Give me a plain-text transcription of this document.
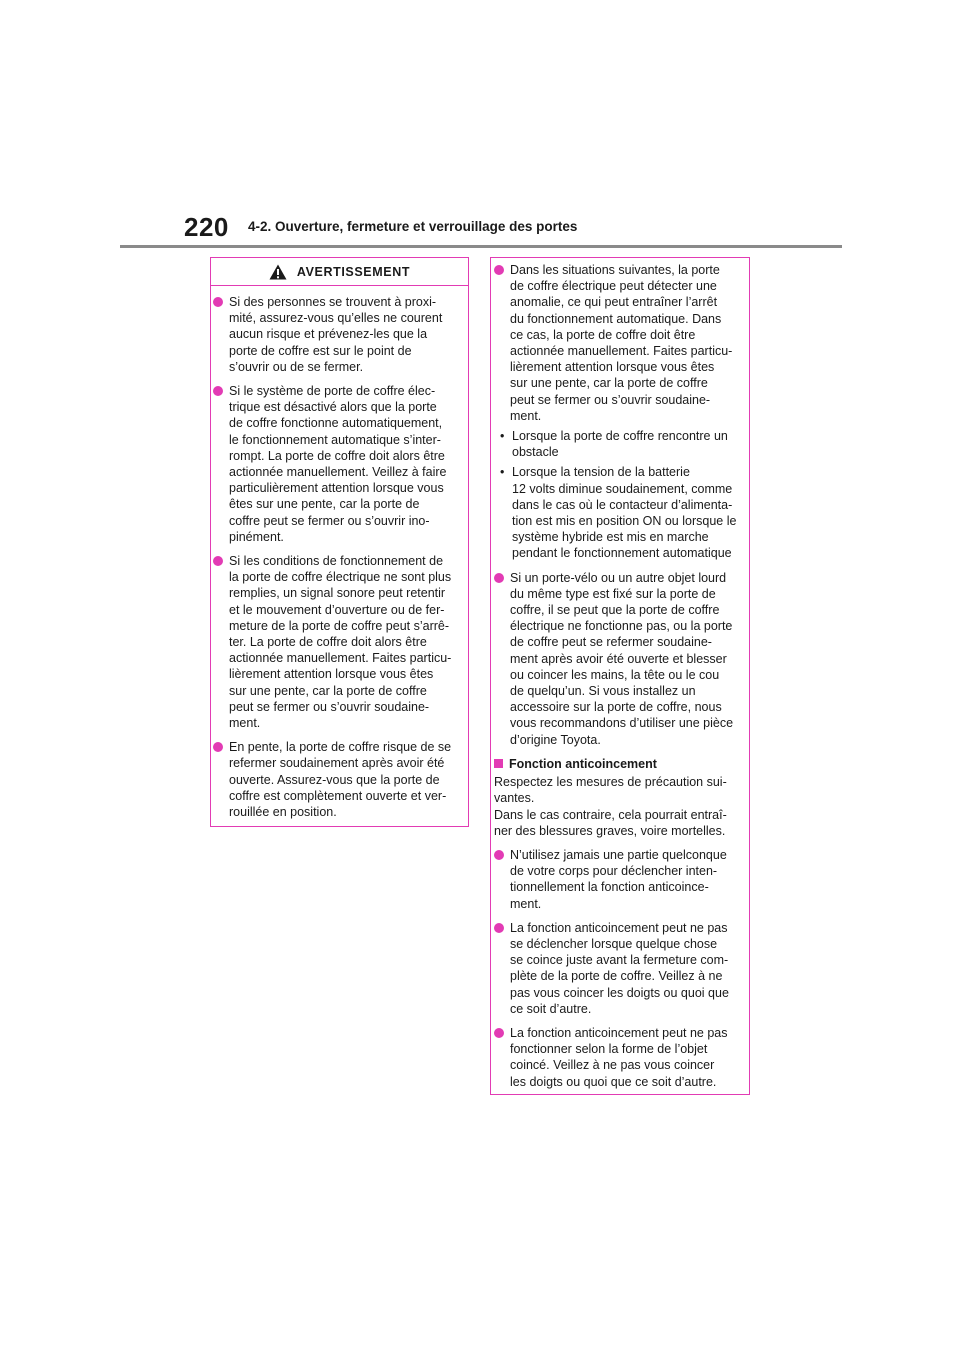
220 4-2. Ouverture, fermeture et verrouillage des portes
AVERTISSEMENT
Si des personnes se trouvent à proxi-
mité, assurez-vous qu’elles ne courent
aucun risque et prévenez-les que la
porte de coffre est sur le point de
s’ouvrir ou de se fermer.
Si le système de porte de coffre élec-
trique est désactivé alors que la porte
de coffre fonctionne automatiquement,
le fonctionnement automatique s’inter-
rompt. La porte de coffre doit alors être
actionnée manuellement. Veillez à faire
particulièrement attention lorsque vous
êtes sur une pente, car la porte de
coffre peut se fermer ou s’ouvrir ino-
pinément.
Si les conditions de fonctionnement de
la porte de coffre électrique ne sont plus
remplies, un signal sonore peut retentir
et le mouvement d’ouverture ou de fer-
meture de la porte de coffre peut s’arrê-
ter. La porte de coffre doit alors être
actionnée manuellement. Faites particu-
lièrement attention lorsque vous êtes
sur une pente, car la porte de coffre
peut se fermer ou s’ouvrir soudaine-
ment.
En pente, la porte de coffre risque de se
refermer soudainement après avoir été
ouverte. Assurez-vous que la porte de
coffre est complètement ouverte et ver-
rouillée en position.
Dans les situations suivantes, la porte
de coffre électrique peut détecter une
anomalie, ce qui peut entraîner l’arrêt
du fonctionnement automatique. Dans
ce cas, la porte de coffre doit être
actionnée manuellement. Faites particu-
lièrement attention lorsque vous êtes
sur une pente, car la porte de coffre
peut se fermer ou s’ouvrir soudaine-
ment.
• Lorsque la porte de coffre rencontre un
obstacle
• Lorsque la tension de la batterie
12 volts diminue soudainement, comme
dans le cas où le contacteur d’alimenta-
tion est mis en position ON ou lorsque le
système hybride est mis en marche
pendant le fonctionnement automatique
Si un porte-vélo ou un autre objet lourd
du même type est fixé sur la porte de
coffre, il se peut que la porte de coffre
électrique ne fonctionne pas, ou la porte
de coffre peut se refermer soudaine-
ment après avoir été ouverte et blesser
ou coincer les mains, la tête ou le cou
de quelqu’un. Si vous installez un
accessoire sur la porte de coffre, nous
vous recommandons d’utiliser une pièce
d’origine Toyota.
Fonction anticoincement
Respectez les mesures de précaution sui-
vantes.
Dans le cas contraire, cela pourrait entraî-
ner des blessures graves, voire mortelles.
N’utilisez jamais une partie quelconque
de votre corps pour déclencher inten-
tionnellement la fonction anticoince-
ment.
La fonction anticoincement peut ne pas
se déclencher lorsque quelque chose
se coince juste avant la fermeture com-
plète de la porte de coffre. Veillez à ne
pas vous coincer les doigts ou quoi que
ce soit d’autre.
La fonction anticoincement peut ne pas
fonctionner selon la forme de l’objet
coincé. Veillez à ne pas vous coincer
les doigts ou quoi que ce soit d’autre.
